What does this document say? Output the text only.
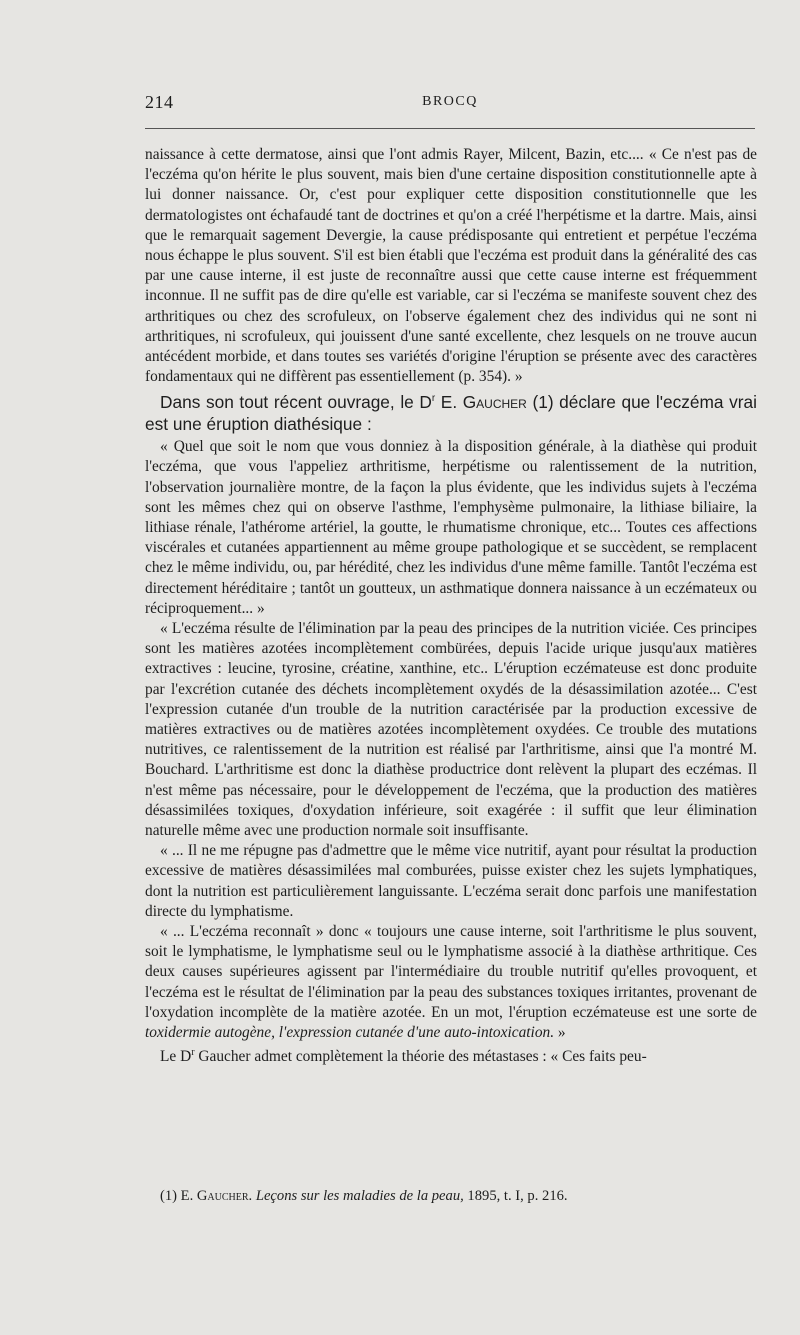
214	BROCQ

naissance à cette dermatose, ainsi que l'ont admis Rayer, Milcent, Bazin, etc.... « Ce n'est pas de l'eczéma qu'on hérite le plus souvent, mais bien d'une certaine disposition constitutionnelle apte à lui donner naissance. Or, c'est pour expliquer cette disposition constitutionnelle que les dermatologistes ont échafaudé tant de doctrines et qu'on a créé l'herpétisme et la dartre. Mais, ainsi que le remarquait sagement Devergie, la cause prédisposante qui entretient et perpétue l'eczéma nous échappe le plus souvent. S'il est bien établi que l'eczéma est produit dans la généralité des cas par une cause interne, il est juste de reconnaître aussi que cette cause interne est fréquemment inconnue. Il ne suffit pas de dire qu'elle est variable, car si l'eczéma se manifeste souvent chez des arthritiques ou chez des scrofuleux, on l'observe également chez des individus qui ne sont ni arthritiques, ni scrofuleux, qui jouissent d'une santé excellente, chez lesquels on ne trouve aucun antécédent morbide, et dans toutes ses variétés d'origine l'éruption se présente avec des caractères fondamentaux qui ne diffèrent pas essentiellement (p. 354). »

Dans son tout récent ouvrage, le $D^r$ E. Gaucher (1) déclare que l'eczéma vrai est une éruption diathésique :

« Quel que soit le nom que vous donniez à la disposition générale, à la diathèse qui produit l'eczéma, que vous l'appeliez arthritisme, herpétisme ou ralentissement de la nutrition, l'observation journalière montre, de la façon la plus évidente, que les individus sujets à l'eczéma sont les mêmes chez qui on observe l'asthme, l'emphysème pulmonaire, la lithiase biliaire, la lithiase rénale, l'athérome artériel, la goutte, le rhumatisme chronique, etc... Toutes ces affections viscérales et cutanées appartiennent au même groupe pathologique et se succèdent, se remplacent chez le même individu, ou, par hérédité, chez les individus d'une même famille. Tantôt l'eczéma est directement héréditaire ; tantôt un goutteux, un asthmatique donnera naissance à un eczémateux ou réciproquement... »

« L'eczéma résulte de l'élimination par la peau des principes de la nutrition viciée. Ces principes sont les matières azotées incomplètement combürées, depuis l'acide urique jusqu'aux matières extractives : leucine, tyrosine, créatine, xanthine, etc.. L'éruption eczémateuse est donc produite par l'excrétion cutanée des déchets incomplètement oxydés de la désassimilation azotée... C'est l'expression cutanée d'un trouble de la nutrition caractérisée par la production excessive de matières extractives ou de matières azotées incomplètement oxydées. Ce trouble des mutations nutritives, ce ralentissement de la nutrition est réalisé par l'arthritisme, ainsi que l'a montré M. Bouchard. L'arthritisme est donc la diathèse productrice dont relèvent la plupart des eczémas. Il n'est même pas nécessaire, pour le développement de l'eczéma, que la production des matières désassimilées toxiques, d'oxydation inférieure, soit exagérée : il suffit que leur élimination naturelle même avec une production normale soit insuffisante.

« ... Il ne me répugne pas d'admettre que le même vice nutritif, ayant pour résultat la production excessive de matières désassimilées mal comburées, puisse exister chez les sujets lymphatiques, dont la nutrition est particulièrement languissante. L'eczéma serait donc parfois une manifestation directe du lymphatisme.

« ... L'eczéma reconnaît » donc « toujours une cause interne, soit l'arthritisme le plus souvent, soit le lymphatisme, le lymphatisme seul ou le lymphatisme associé à la diathèse arthritique. Ces deux causes supérieures agissent par l'intermédiaire du trouble nutritif qu'elles provoquent, et l'eczéma est le résultat de l'élimination par la peau des substances toxiques irritantes, provenant de l'oxydation incomplète de la matière azotée. En un mot, l'éruption eczémateuse est une sorte de toxidermie autogène, l'expression cutanée d'une auto-intoxication. »

Le $D^r$ Gaucher admet complètement la théorie des métastases : « Ces faits peu-

(1) E. Gaucher. Leçons sur les maladies de la peau, 1895, t. I, p. 216.
